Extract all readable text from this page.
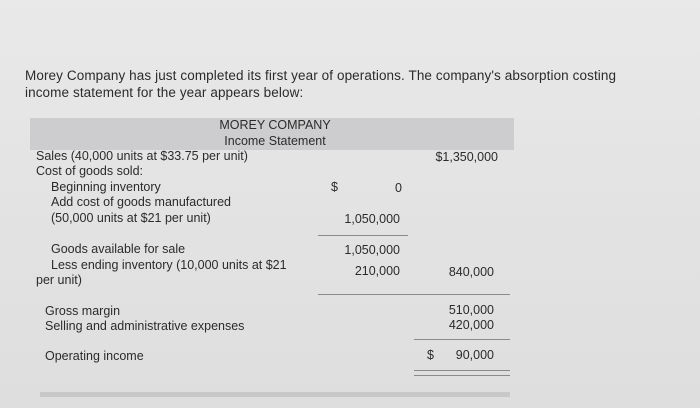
Morey Company has just completed its first year of operations. The company's absorption costing income statement for the year appears below:
MOREY COMPANY
Income Statement
Sales (40,000 units at $33.75 per unit)	$1,350,000
Cost of goods sold:
Beginning inventory	$	0
Add cost of goods manufactured
(50,000 units at $21 per unit)	1,050,000
Goods available for sale	1,050,000
Less ending inventory (10,000 units at $21
per unit)
210,000	840,000
Gross margin	510,000
Selling and administrative expenses	420,000
Operating income	$	90,000
